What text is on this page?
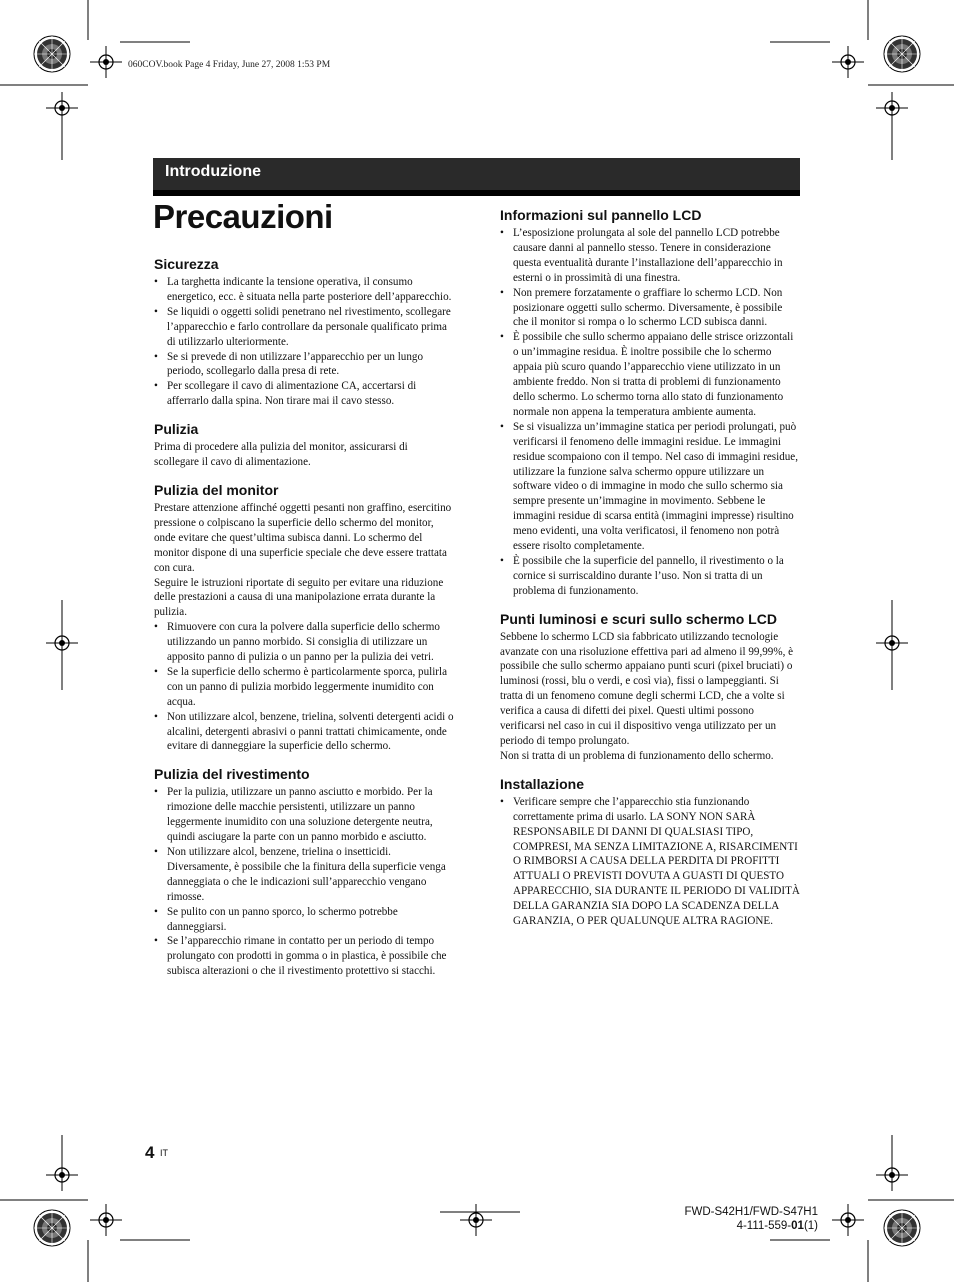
060COV.book Page 4 Friday, June 27, 2008 1:53 PM
Introduzione
Precauzioni
Sicurezza
• La targhetta indicante la tensione operativa, il consumo energetico, ecc. è situata nella parte posteriore dell’apparecchio.
• Se liquidi o oggetti solidi penetrano nel rivestimento, scollegare l’apparecchio e farlo controllare da personale qualificato prima di utilizzarlo ulteriormente.
• Se si prevede di non utilizzare l’apparecchio per un lungo periodo, scollegarlo dalla presa di rete.
• Per scollegare il cavo di alimentazione CA, accertarsi di afferrarlo dalla spina. Non tirare mai il cavo stesso.
Pulizia

Prima di procedere alla pulizia del monitor, assicurarsi di scollegare il cavo di alimentazione.

Pulizia del monitor

Prestare attenzione affinché oggetti pesanti non graffino, esercitino pressione o colpiscano la superficie dello schermo del monitor, onde evitare che quest’ultima subisca danni. Lo schermo del monitor dispone di una superficie speciale che deve essere trattata con cura.

Seguire le istruzioni riportate di seguito per evitare una riduzione delle prestazioni a causa di una manipolazione errata durante la pulizia.

• Rimuovere con cura la polvere dalla superficie dello schermo utilizzando un panno morbido. Si consiglia di utilizzare un apposito panno di pulizia o un panno per la pulizia dei vetri.
• Se la superficie dello schermo è particolarmente sporca, pulirla con un panno di pulizia morbido leggermente inumidito con acqua.
• Non utilizzare alcol, benzene, trielina, solventi detergenti acidi o alcalini, detergenti abrasivi o panni trattati chimicamente, onde evitare di danneggiare la superficie dello schermo.
Pulizia del rivestimento
• Per la pulizia, utilizzare un panno asciutto e morbido. Per la rimozione delle macchie persistenti, utilizzare un panno leggermente inumidito con una soluzione detergente neutra, quindi asciugare la parte con un panno morbido e asciutto.
• Non utilizzare alcol, benzene, trielina o insetticidi. Diversamente, è possibile che la finitura della superficie venga danneggiata o che le indicazioni sull’apparecchio vengano rimosse.
• Se pulito con un panno sporco, lo schermo potrebbe danneggiarsi.
• Se l’apparecchio rimane in contatto per un periodo di tempo prolungato con prodotti in gomma o in plastica, è possibile che subisca alterazioni o che il rivestimento protettivo si stacchi.
Informazioni sul pannello LCD
• L’esposizione prolungata al sole del pannello LCD potrebbe causare danni al pannello stesso. Tenere in considerazione questa eventualità durante l’installazione dell’apparecchio in esterni o in prossimità di una finestra.
• Non premere forzatamente o graffiare lo schermo LCD. Non posizionare oggetti sullo schermo. Diversamente, è possibile che il monitor si rompa o lo schermo LCD subisca danni.
• È possibile che sullo schermo appaiano delle strisce orizzontali o un’immagine residua. È inoltre possibile che lo schermo appaia più scuro quando l’apparecchio viene utilizzato in un ambiente freddo. Non si tratta di problemi di funzionamento dello schermo. Lo schermo torna allo stato di funzionamento normale non appena la temperatura ambiente aumenta.
• Se si visualizza un’immagine statica per periodi prolungati, può verificarsi il fenomeno delle immagini residue. Le immagini residue scompaiono con il tempo. Nel caso di immagini residue, utilizzare la funzione salva schermo oppure utilizzare un software video o di immagine in modo che sullo schermo sia sempre presente un’immagine in movimento. Sebbene le immagini residue di scarsa entità (immagini impresse) risultino meno evidenti, una volta verificatosi, il fenomeno non potrà essere risolto completamente.
• È possibile che la superficie del pannello, il rivestimento o la cornice si surriscaldino durante l’uso. Non si tratta di un problema di funzionamento.
Punti luminosi e scuri sullo schermo LCD

Sebbene lo schermo LCD sia fabbricato utilizzando tecnologie avanzate con una risoluzione effettiva pari ad almeno il 99,99%, è possibile che sullo schermo appaiano punti scuri (pixel bruciati) o luminosi (rossi, blu o verdi, e così via), fissi o lampeggianti. Si tratta di un fenomeno comune degli schermi LCD, che a volte si verifica a causa di difetti dei pixel. Questi ultimi possono verificarsi nel caso in cui il dispositivo venga utilizzato per un periodo di tempo prolungato.

Non si tratta di un problema di funzionamento dello schermo.

Installazione
• Verificare sempre che l’apparecchio stia funzionando correttamente prima di usarlo. LA SONY NON SARÀ RESPONSABILE DI DANNI DI QUALSIASI TIPO, COMPRESI, MA SENZA LIMITAZIONE A, RISARCIMENTI O RIMBORSI A CAUSA DELLA PERDITA DI PROFITTI ATTUALI O PREVISTI DOVUTA A GUASTI DI QUESTO APPARECCHIO, SIA DURANTE IL PERIODO DI VALIDITÀ DELLA GARANZIA SIA DOPO LA SCADENZA DELLA GARANZIA, O PER QUALUNQUE ALTRA RAGIONE.
4 IT
FWD-S42H1/FWD-S47H1
4-111-559-01(1)
